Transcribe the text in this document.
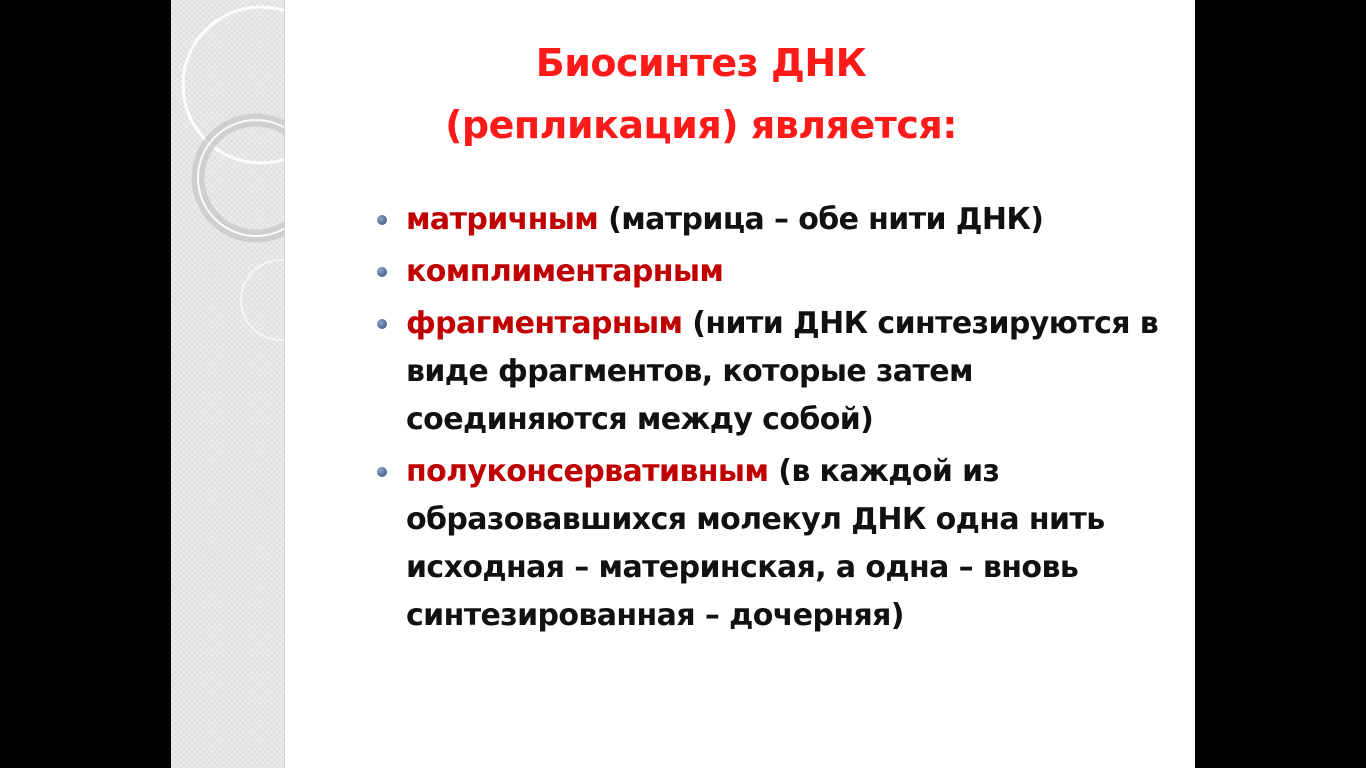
Биосинтез ДНК
(репликация) является:
матричным (матрица – обе нити ДНК)
комплиментарным
фрагментарным (нити ДНК синтезируются в виде фрагментов, которые затем соединяются между собой)
полуконсервативным (в каждой из образовавшихся молекул ДНК одна нить исходная – материнская, а одна – вновь синтезированная – дочерняя)
